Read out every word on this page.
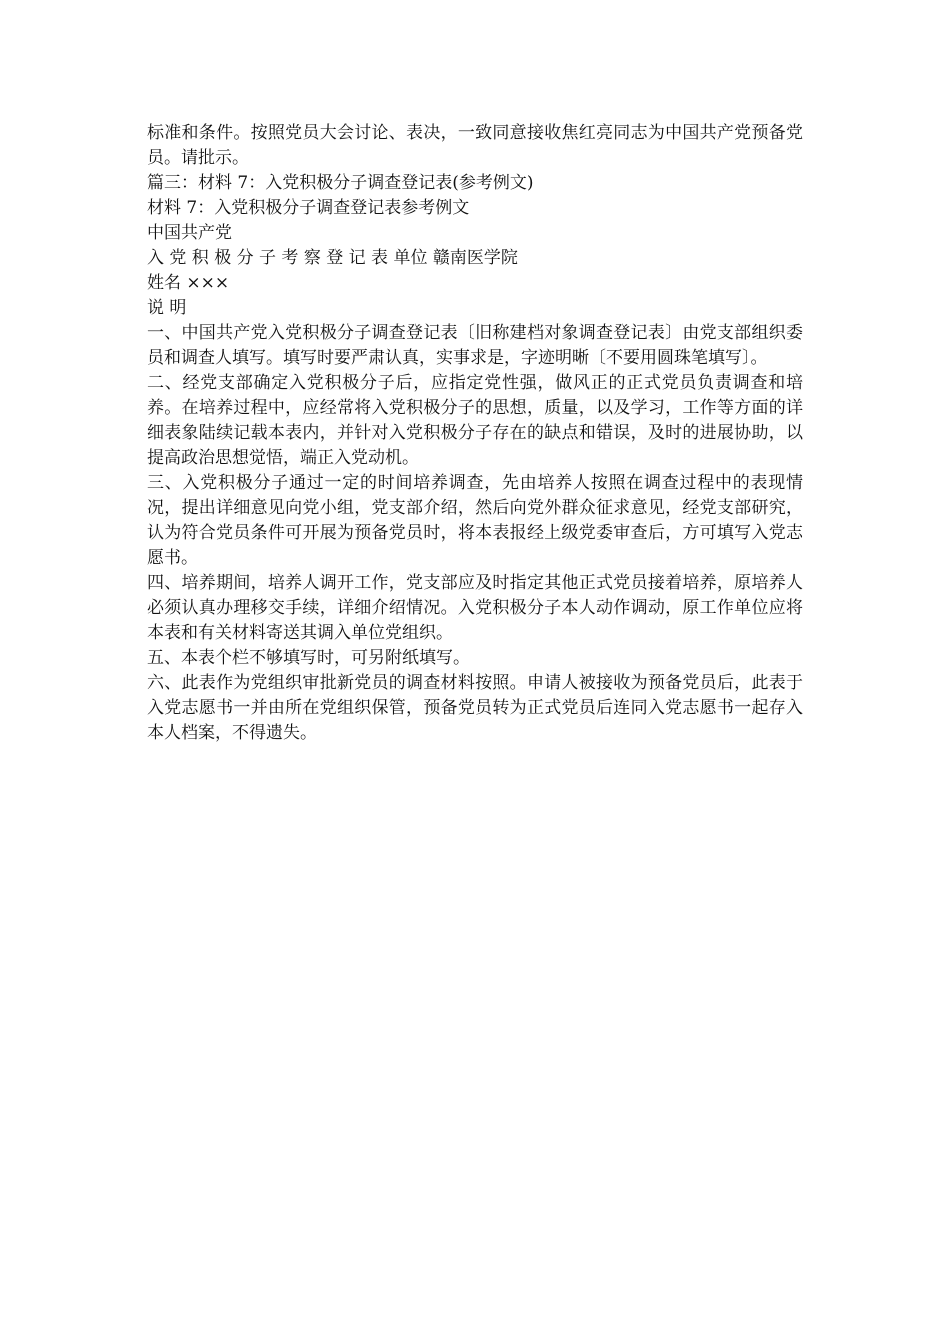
标准和条件。按照党员大会讨论、表决，一致同意接收焦红亮同志为中国共产党预备党员。请批示。

篇三：材料 7：入党积极分子调查登记表(参考例文)

材料 7：入党积极分子调查登记表参考例文

中国共产党

入 党 积 极 分 子 考 察 登 记 表 单位 赣南医学院

姓名 ×××

说 明

一、中国共产党入党积极分子调查登记表〔旧称建档对象调查登记表〕由党支部组织委员和调查人填写。填写时要严肃认真，实事求是，字迹明晰〔不要用圆珠笔填写〕。

二、经党支部确定入党积极分子后，应指定党性强，做风正的正式党员负责调查和培养。在培养过程中，应经常将入党积极分子的思想，质量，以及学习，工作等方面的详细表象陆续记载本表内，并针对入党积极分子存在的缺点和错误，及时的进展协助，以提高政治思想觉悟，端正入党动机。

三、入党积极分子通过一定的时间培养调查，先由培养人按照在调查过程中的表现情况，提出详细意见向党小组，党支部介绍，然后向党外群众征求意见，经党支部研究，认为符合党员条件可开展为预备党员时，将本表报经上级党委审查后，方可填写入党志愿书。

四、培养期间，培养人调开工作，党支部应及时指定其他正式党员接着培养，原培养人必须认真办理移交手续，详细介绍情况。入党积极分子本人动作调动，原工作单位应将本表和有关材料寄送其调入单位党组织。

五、本表个栏不够填写时，可另附纸填写。

六、此表作为党组织审批新党员的调查材料按照。申请人被接收为预备党员后，此表于入党志愿书一并由所在党组织保管，预备党员转为正式党员后连同入党志愿书一起存入本人档案，不得遗失。
